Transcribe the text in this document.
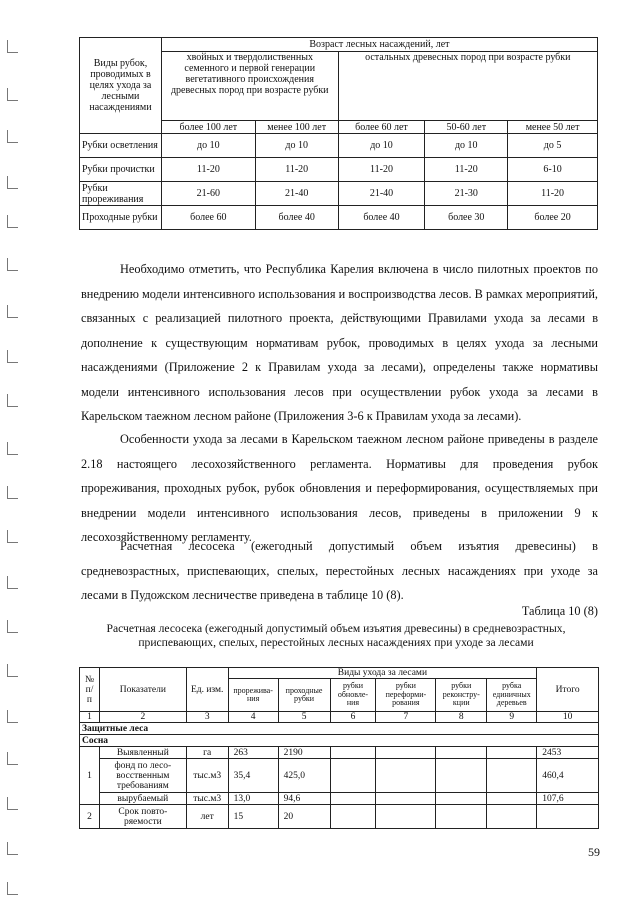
Виды рубок, проводимых в целях ухода за лесными насаждениями	Возраст лесных насаждений, лет				
	хвойных и твердолиственных семенного и первой генерации вегетативного происхождения древесных пород при возрасте рубки		остальных древесных пород при возрасте рубки		
	более 100 лет	менее 100 лет	более 60 лет	50-60 лет	менее 50 лет
Рубки осветления	до 10	до 10	до 10	до 10	до 5
Рубки прочистки	11-20	11-20	11-20	11-20	6-10
Рубки прореживания	21-60	21-40	21-40	21-30	11-20
Проходные рубки	более 60	более 40	более 40	более 30	более 20

Необходимо отметить, что Республика Карелия включена в число пилотных проектов по внедрению модели интенсивного использования и воспроизводства лесов. В рамках мероприятий, связанных с реализацией пилотного проекта, действующими Правилами ухода за лесами в дополнение к существующим нормативам рубок, проводимых в целях ухода за лесными насаждениями (Приложение 2 к Правилам ухода за лесами), определены также нормативы модели интенсивного использования лесов при осуществлении рубок ухода за лесами в Карельском таежном лесном районе (Приложения 3-6 к Правилам ухода за лесами).

Особенности ухода за лесами в Карельском таежном лесном районе приведены в разделе 2.18 настоящего лесохозяйственного регламента. Нормативы для проведения рубок прореживания, проходных рубок, рубок обновления и переформирования, осуществляемых при внедрении модели интенсивного использования лесов, приведены в приложении 9 к лесохозяйственному регламенту.

Расчетная лесосека (ежегодный допустимый объем изъятия древесины) в средневозрастных, приспевающих, спелых, перестойных лесных насаждениях при уходе за лесами в Пудожском лесничестве приведена в таблице 10 (8).

Таблица 10 (8)
Расчетная лесосека (ежегодный допустимый объем изъятия древесины) в средневозрастных, приспевающих, спелых, перестойных лесных насаждениях при уходе за лесами
№ п/ п	Показатели	Ед. изм.	Виды ухода за лесами						Итого
			прорежива-ния	проходные рубки	рубки обновле-ния	рубки переформи-рования	рубки реконстру-кции	рубка единичных деревьев	
1	2	3	4	5	6	7	8	9	10
Защитные леса									
Сосна									
1	Выявленный	га	263	2190					2453
	фонд по лесо-восственным требованиям	тыс.м3	35,4	425,0					460,4
	вырубаемый	тыс.м3	13,0	94,6					107,6
2	Срок повто-ряемости	лет	15	20					
59
